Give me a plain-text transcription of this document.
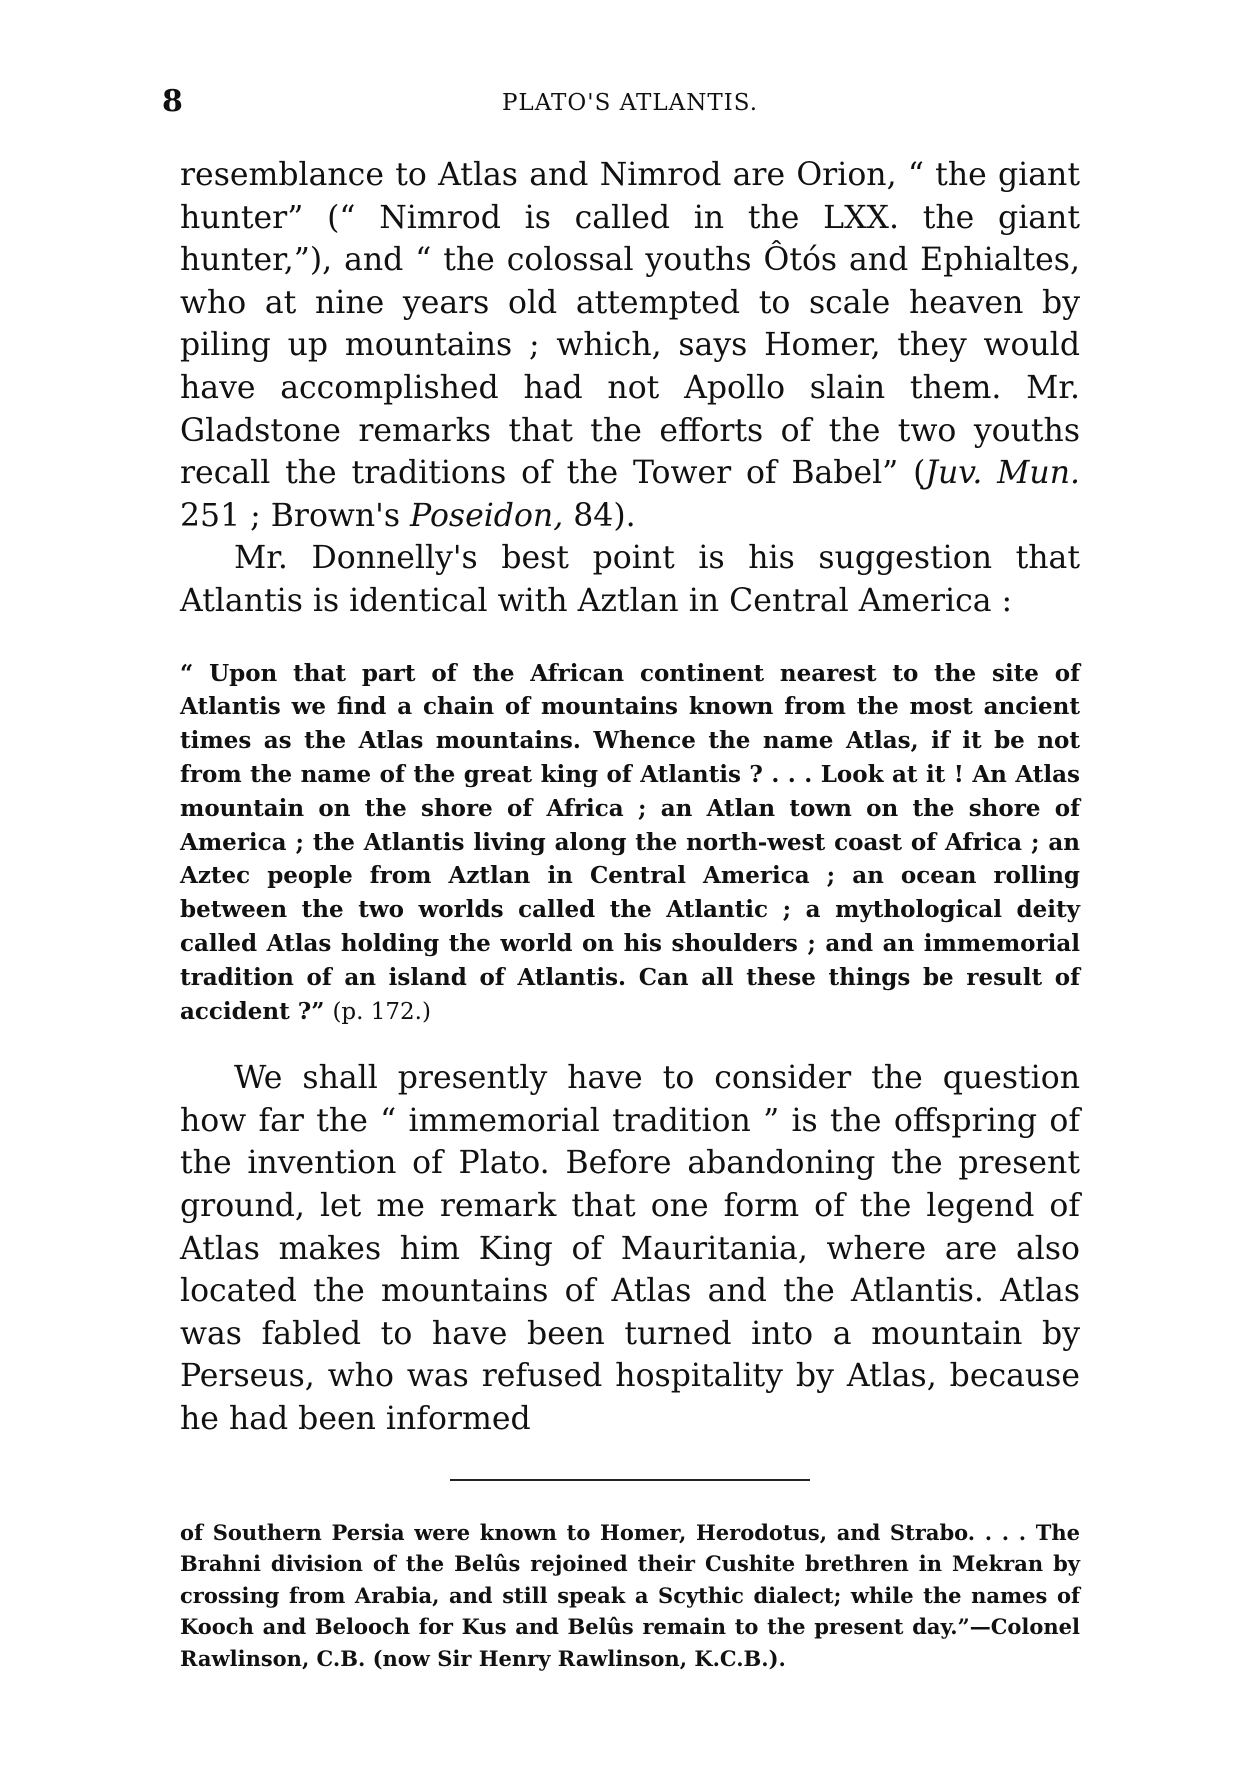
8	PLATO'S ATLANTIS.

resemblance to Atlas and Nimrod are Orion, “ the giant hunter” (“ Nimrod is called in the LXX. the giant hunter,”), and “ the colossal youths Ôtós and Ephialtes, who at nine years old attempted to scale heaven by piling up mountains ; which, says Homer, they would have accomplished had not Apollo slain them. Mr. Gladstone remarks that the efforts of the two youths recall the traditions of the Tower of Babel” (Juv. Mun. 251 ; Brown's Poseidon, 84).

Mr. Donnelly's best point is his suggestion that Atlantis is identical with Aztlan in Central America :

“ Upon that part of the African continent nearest to the site of Atlantis we find a chain of mountains known from the most ancient times as the Atlas mountains. Whence the name Atlas, if it be not from the name of the great king of Atlantis ? . . . Look at it ! An Atlas mountain on the shore of Africa ; an Atlan town on the shore of America ; the Atlantis living along the north-west coast of Africa ; an Aztec people from Aztlan in Central America ; an ocean rolling between the two worlds called the Atlantic ; a mythological deity called Atlas holding the world on his shoulders ; and an immemorial tradition of an island of Atlantis. Can all these things be result of accident ?” (p. 172.)

We shall presently have to consider the question how far the “ immemorial tradition ” is the offspring of the invention of Plato. Before abandoning the present ground, let me remark that one form of the legend of Atlas makes him King of Mauritania, where are also located the mountains of Atlas and the Atlantis. Atlas was fabled to have been turned into a mountain by Perseus, who was refused hospitality by Atlas, because he had been informed

of Southern Persia were known to Homer, Herodotus, and Strabo. . . . The Brahni division of the Belûs rejoined their Cushite brethren in Mekran by crossing from Arabia, and still speak a Scythic dialect; while the names of Kooch and Belooch for Kus and Belûs remain to the present day.”—Colonel Rawlinson, C.B. (now Sir Henry Rawlinson, K.C.B.).
